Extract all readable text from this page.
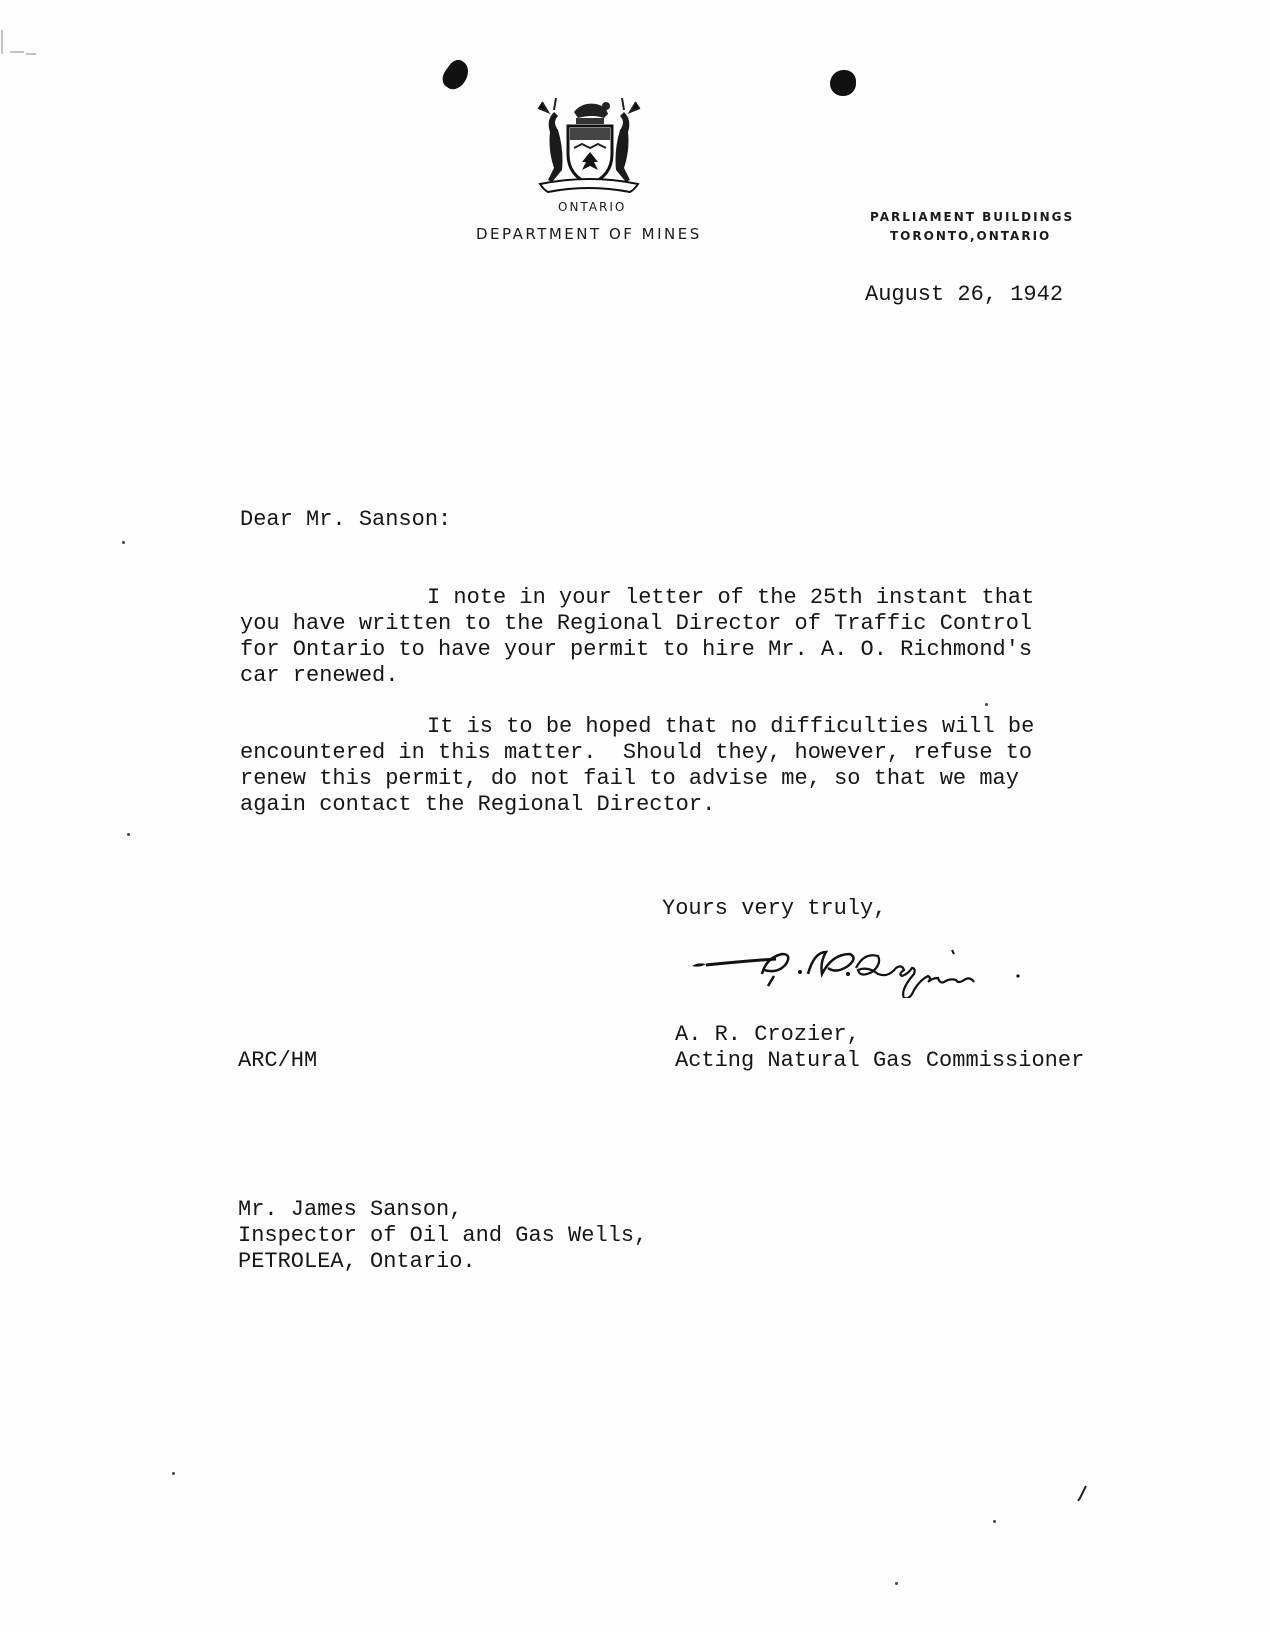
ONTARIO
DEPARTMENT OF MINES
PARLIAMENT BUILDINGS
TORONTO,ONTARIO
August 26, 1942
Dear Mr. Sanson:
I note in your letter of the 25th instant that
you have written to the Regional Director of Traffic Control
for Ontario to have your permit to hire Mr. A. O. Richmond's
car renewed.
It is to be hoped that no difficulties will be
encountered in this matter.  Should they, however, refuse to
renew this permit, do not fail to advise me, so that we may
again contact the Regional Director.
Yours very truly,
A. R. Crozier,
Acting Natural Gas Commissioner
ARC/HM
Mr. James Sanson,
Inspector of Oil and Gas Wells,
PETROLEA, Ontario.
